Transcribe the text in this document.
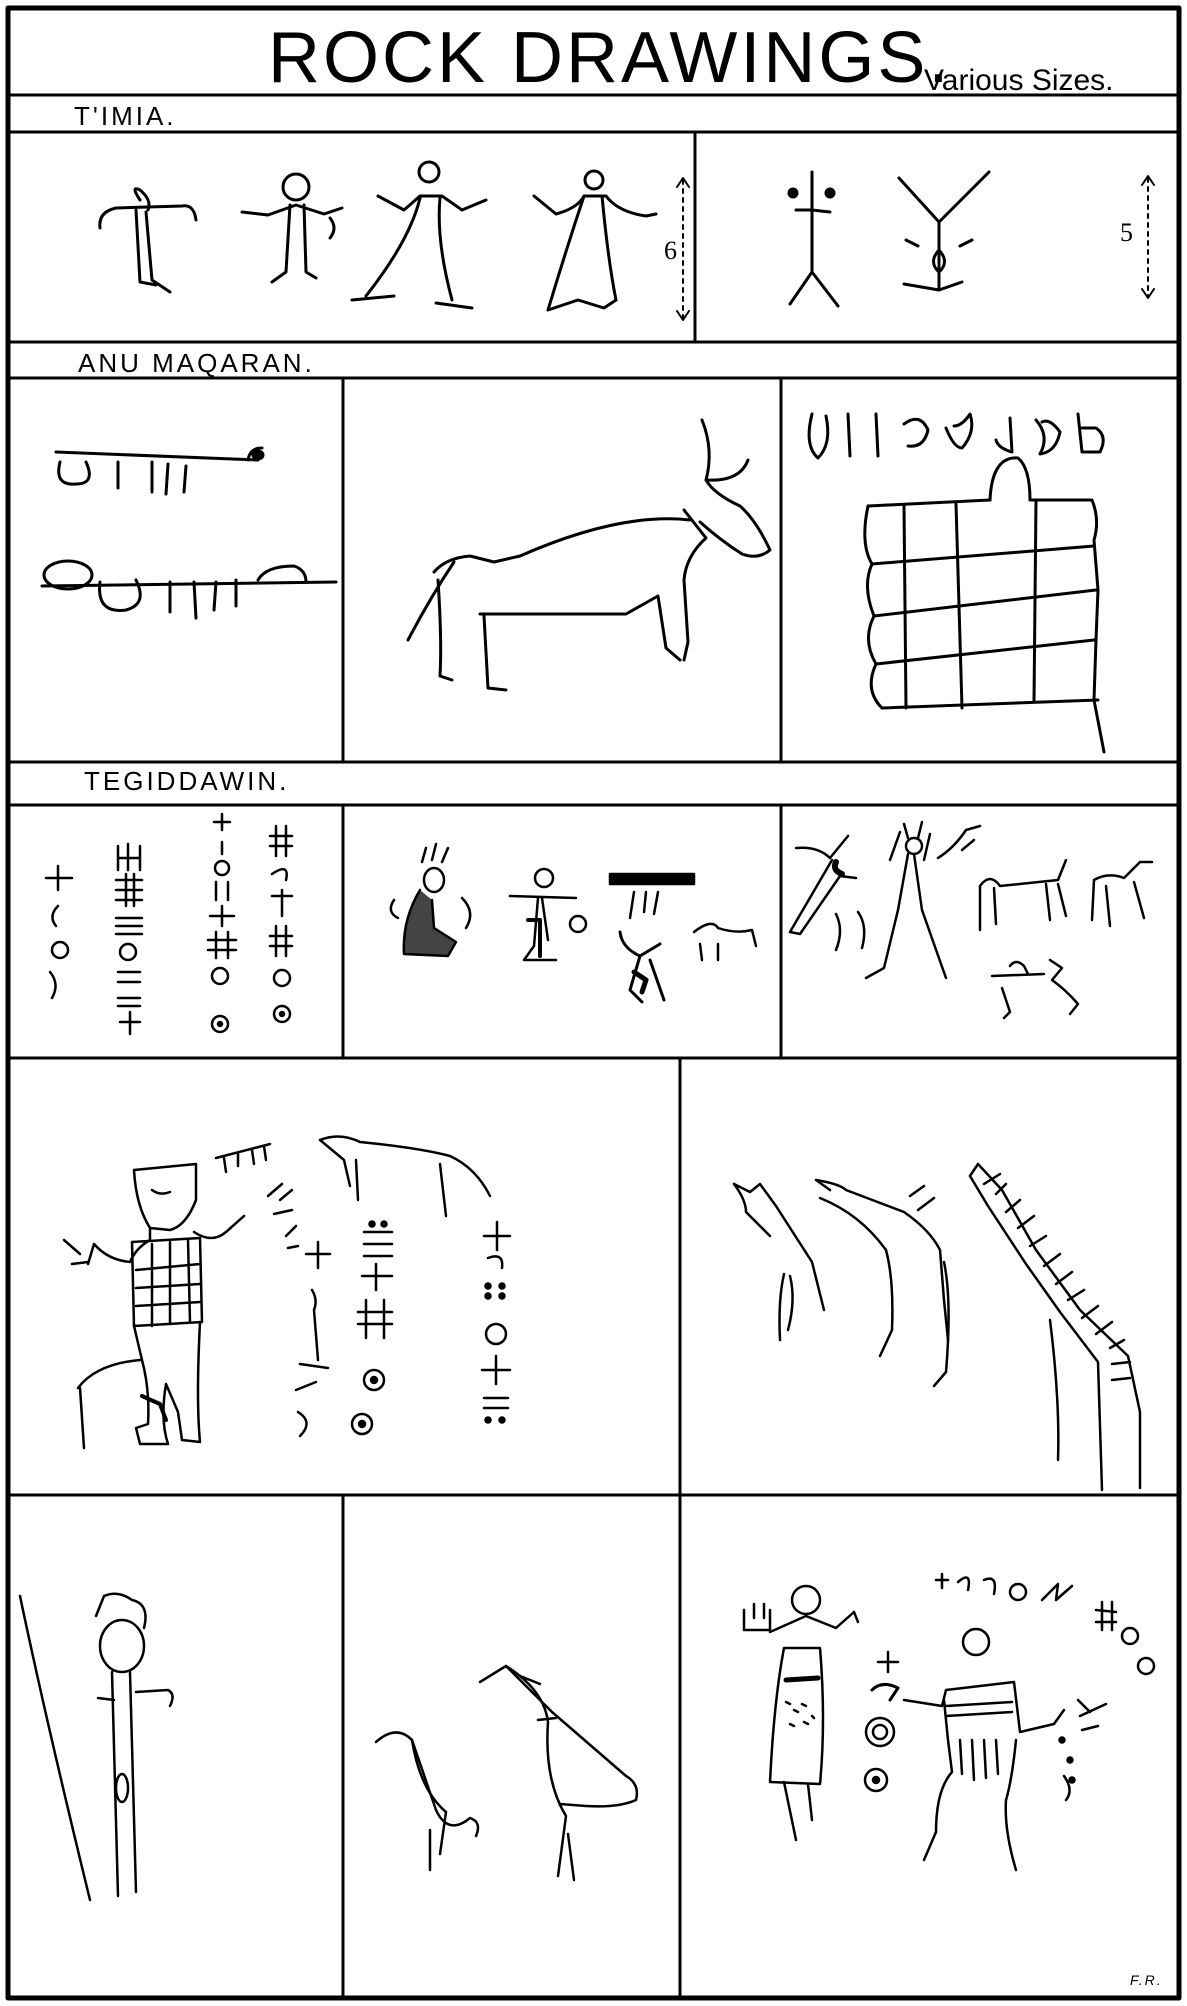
ROCK DRAWINGS.
Various Sizes.
T'IMIA.
ANU MAQARAN.
TEGIDDAWIN.
6
5
F.R.
